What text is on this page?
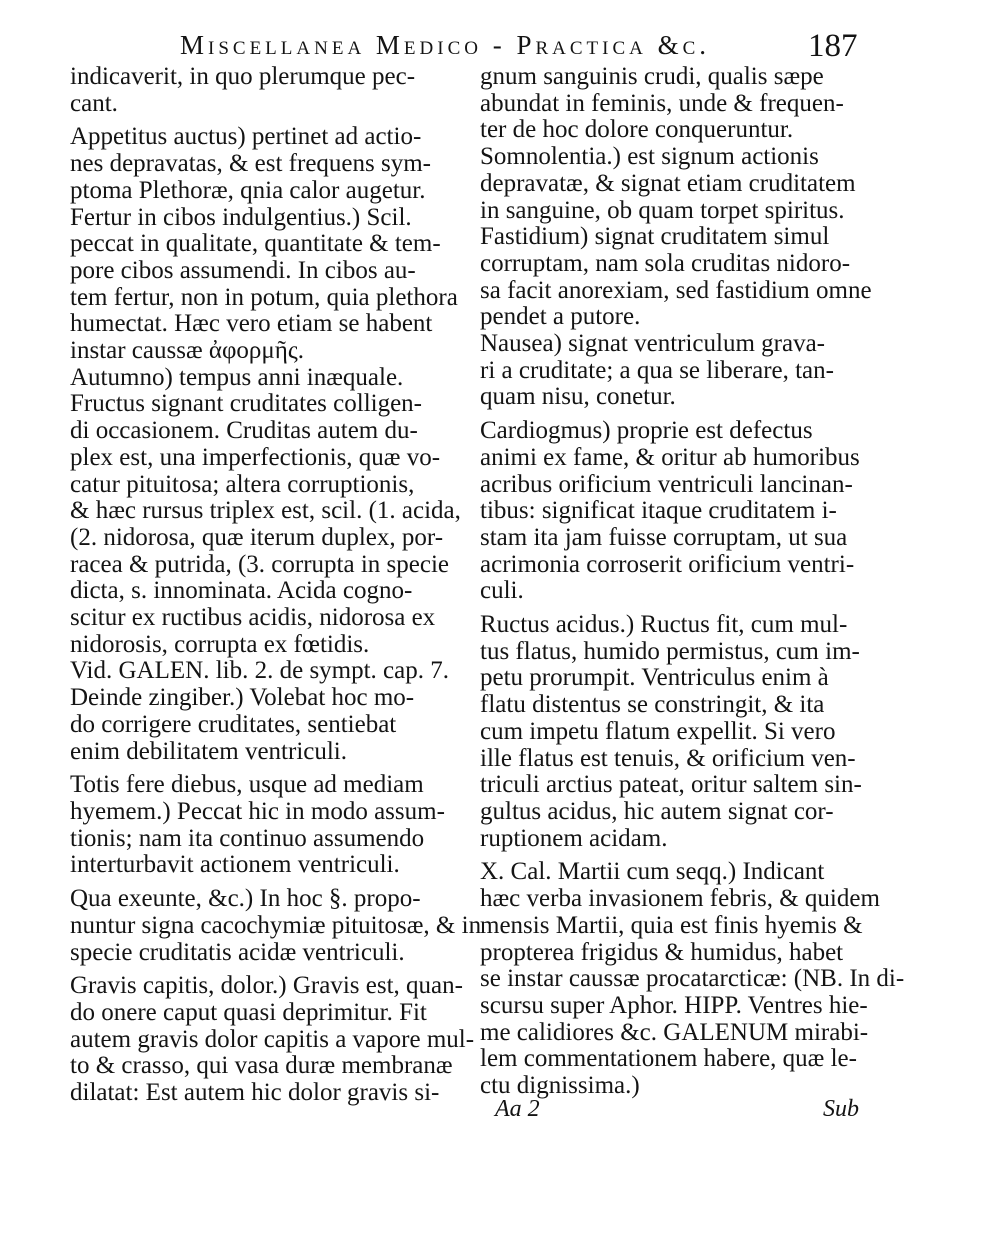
Miscellanea Medico - Practica &c.	187

indicaverit, in quo plerumque pec-

cant.

Appetitus auctus) pertinet ad actio-

nes depravatas, & est frequens sym-

ptoma Plethoræ, qnia calor augetur.

Fertur in cibos indulgentius.) Scil.

peccat in qualitate, quantitate & tem-

pore cibos assumendi. In cibos au-

tem fertur, non in potum, quia plethora

humectat. Hæc vero etiam se habent

instar caussæ ἀφορμῆς.

Autumno) tempus anni inæquale.

Fructus signant cruditates colligen-

di occasionem. Cruditas autem du-

plex est, una imperfectionis, quæ vo-

catur pituitosa; altera corruptionis,

& hæc rursus triplex est, scil. (1. acida,

(2. nidorosa, quæ iterum duplex, por-

racea & putrida, (3. corrupta in specie

dicta, s. innominata. Acida cogno-

scitur ex ructibus acidis, nidorosa ex

nidorosis, corrupta ex fœtidis.

Vid. GALEN. lib. 2. de sympt. cap. 7.

Deinde zingiber.) Volebat hoc mo-

do corrigere cruditates, sentiebat

enim debilitatem ventriculi.

Totis fere diebus, usque ad mediam

hyemem.) Peccat hic in modo assum-

tionis; nam ita continuo assumendo

interturbavit actionem ventriculi.

Qua exeunte, &c.) In hoc §. propo-

nuntur signa cacochymiæ pituitosæ, & in

specie cruditatis acidæ ventriculi.

Gravis capitis, dolor.) Gravis est, quan-

do onere caput quasi deprimitur. Fit

autem gravis dolor capitis a vapore mul-

to & crasso, qui vasa duræ membranæ

dilatat: Est autem hic dolor gravis si-

gnum sanguinis crudi, qualis sæpe

abundat in feminis, unde & frequen-

ter de hoc dolore conqueruntur.

Somnolentia.) est signum actionis

depravatæ, & signat etiam cruditatem

in sanguine, ob quam torpet spiritus.

Fastidium) signat cruditatem simul

corruptam, nam sola cruditas nidoro-

sa facit anorexiam, sed fastidium omne

pendet a putore.

Nausea) signat ventriculum grava-

ri a cruditate; a qua se liberare, tan-

quam nisu, conetur.

Cardiogmus) proprie est defectus

animi ex fame, & oritur ab humoribus

acribus orificium ventriculi lancinan-

tibus: significat itaque cruditatem i-

stam ita jam fuisse corruptam, ut sua

acrimonia corroserit orificium ventri-

culi.

Ructus acidus.) Ructus fit, cum mul-

tus flatus, humido permistus, cum im-

petu prorumpit. Ventriculus enim à

flatu distentus se constringit, & ita

cum impetu flatum expellit. Si vero

ille flatus est tenuis, & orificium ven-

triculi arctius pateat, oritur saltem sin-

gultus acidus, hic autem signat cor-

ruptionem acidam.

X. Cal. Martii cum seqq.) Indicant

hæc verba invasionem febris, & quidem

mensis Martii, quia est finis hyemis &

propterea frigidus & humidus, habet

se instar caussæ procatarcticæ: (NB. In di-

scursu super Aphor. HIPP. Ventres hie-

me calidiores &c. GALENUM mirabi-

lem commentationem habere, quæ le-

ctu dignissima.)

Aa 2	Sub
